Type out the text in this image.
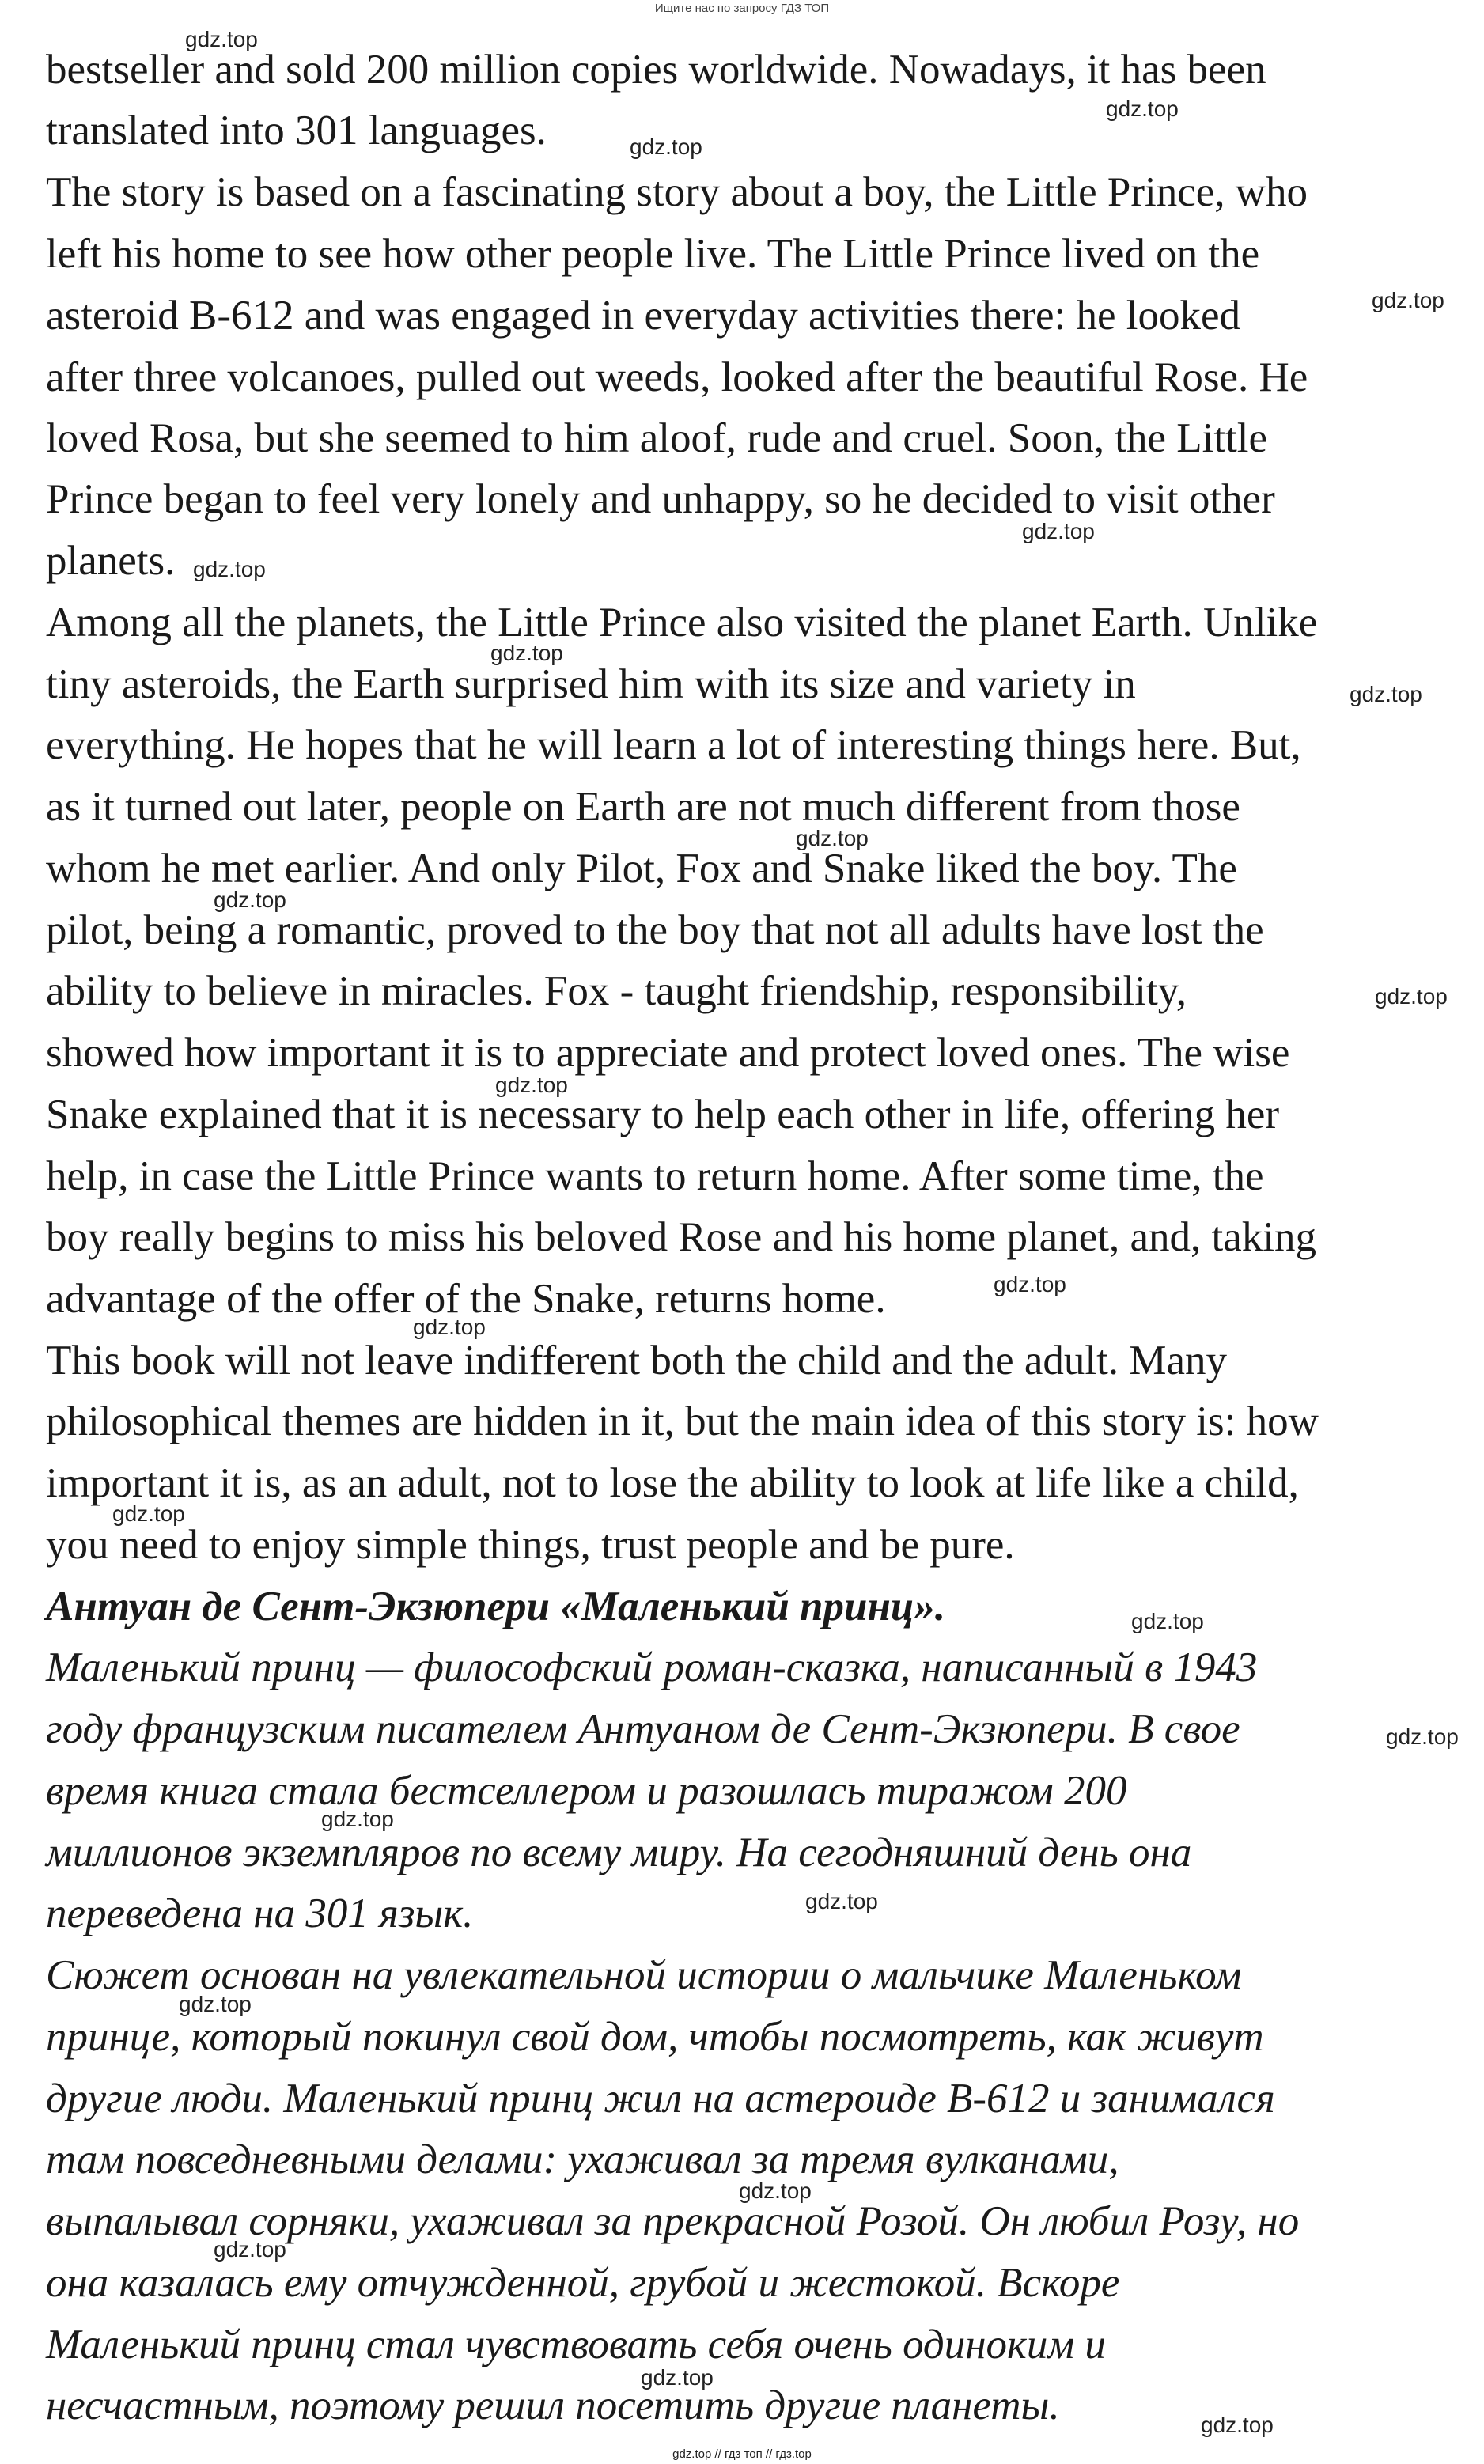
Ищите нас по запросу ГДЗ ТОП
bestseller and sold 200 million copies worldwide. Nowadays, it has been
translated into 301 languages.
The story is based on a fascinating story about a boy, the Little Prince, who
left his home to see how other people live. The Little Prince lived on the
asteroid B-612 and was engaged in everyday activities there: he looked
after three volcanoes, pulled out weeds, looked after the beautiful Rose. He
loved Rosa, but she seemed to him aloof, rude and cruel. Soon, the Little
Prince began to feel very lonely and unhappy, so he decided to visit other
planets.
Among all the planets, the Little Prince also visited the planet Earth. Unlike
tiny asteroids, the Earth surprised him with its size and variety in
everything. He hopes that he will learn a lot of interesting things here. But,
as it turned out later, people on Earth are not much different from those
whom he met earlier. And only Pilot, Fox and Snake liked the boy. The
pilot, being a romantic, proved to the boy that not all adults have lost the
ability to believe in miracles. Fox - taught friendship, responsibility,
showed how important it is to appreciate and protect loved ones. The wise
Snake explained that it is necessary to help each other in life, offering her
help, in case the Little Prince wants to return home. After some time, the
boy really begins to miss his beloved Rose and his home planet, and, taking
advantage of the offer of the Snake, returns home.
This book will not leave indifferent both the child and the adult. Many
philosophical themes are hidden in it, but the main idea of this story is: how
important it is, as an adult, not to lose the ability to look at life like a child,
you need to enjoy simple things, trust people and be pure.
Антуан де Сент-Экзюпери «Маленький принц».
Маленький принц — философский роман-сказка, написанный в 1943
году французским писателем Антуаном де Сент-Экзюпери. В свое
время книга стала бестселлером и разошлась тиражом 200
миллионов экземпляров по всему миру. На сегодняшний день она
переведена на 301 язык.
Сюжет основан на увлекательной истории о мальчике Маленьком
принце, который покинул свой дом, чтобы посмотреть, как живут
другие люди. Маленький принц жил на астероиде B-612 и занимался
там повседневными делами: ухаживал за тремя вулканами,
выпалывал сорняки, ухаживал за прекрасной Розой. Он любил Розу, но
она казалась ему отчужденной, грубой и жестокой. Вскоре
Маленький принц стал чувствовать себя очень одиноким и
несчастным, поэтому решил посетить другие планеты.
gdz.top
gdz.top
gdz.top
gdz.top
gdz.top
gdz.top
gdz.top
gdz.top
gdz.top
gdz.top
gdz.top
gdz.top
gdz.top
gdz.top
gdz.top
gdz.top
gdz.top
gdz.top
gdz.top
gdz.top
gdz.top
gdz.top
gdz.top
gdz.top
gdz.top // гдз топ // гдз.top
